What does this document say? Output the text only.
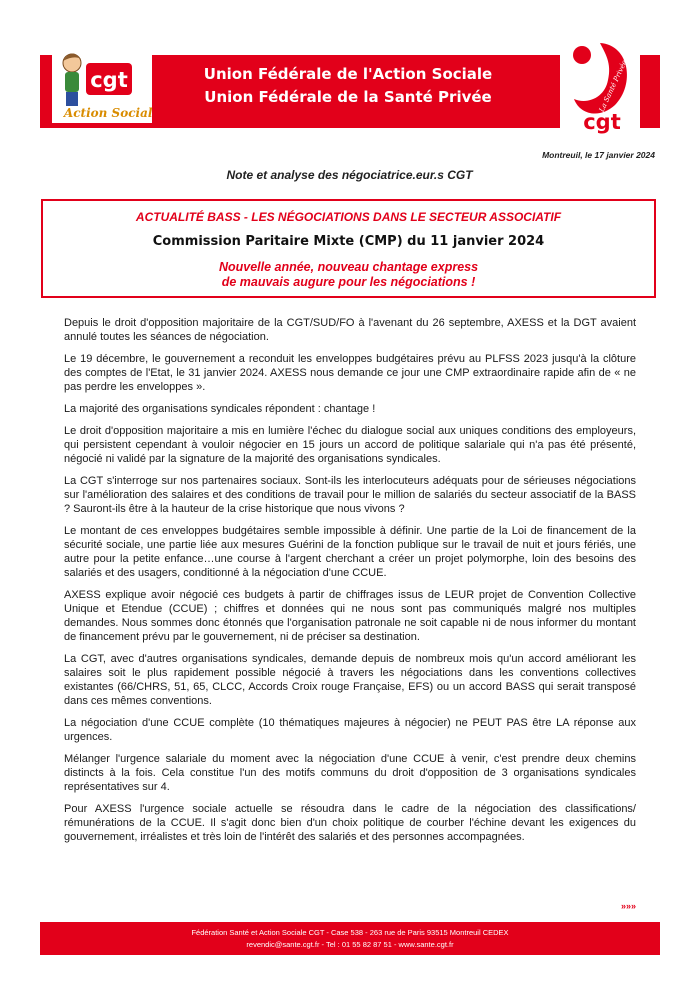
Union Fédérale de l'Action Sociale
Union Fédérale de la Santé Privée
cgt
Action Sociale	La Santé Privée
cgt
Montreuil, le 17 janvier 2024
Note et analyse des négociatrice.eur.s CGT
ACTUALITÉ BASS - LES NÉGOCIATIONS DANS LE SECTEUR ASSOCIATIF
Commission Paritaire Mixte (CMP) du 11 janvier 2024
Nouvelle année, nouveau chantage express
de mauvais augure pour les négociations !

Depuis le droit d'opposition majoritaire de la CGT/SUD/FO à l'avenant du 26 septembre, AXESS et la DGT avaient annulé toutes les séances de négociation.

Le 19 décembre, le gouvernement a reconduit les enveloppes budgétaires prévu au PLFSS 2023 jusqu'à la clôture des comptes de l'Etat, le 31 janvier 2024. AXESS nous demande ce jour une CMP extraordinaire rapide afin de « ne pas perdre les enveloppes ».

La majorité des organisations syndicales répondent : chantage !

Le droit d'opposition majoritaire a mis en lumière l'échec du dialogue social aux uniques conditions des employeurs, qui persistent cependant à vouloir négocier en 15 jours un accord de politique salariale qui n'a pas été présenté, négocié ni validé par la signature de la majorité des organisations syndicales.

La CGT s'interroge sur nos partenaires sociaux. Sont-ils les interlocuteurs adéquats pour de sérieuses négociations sur l'amélioration des salaires et des conditions de travail pour le million de salariés du secteur associatif de la BASS ? Sauront-ils être à la hauteur de la crise historique que nous vivons ?

Le montant de ces enveloppes budgétaires semble impossible à définir. Une partie de la Loi de financement de la sécurité sociale, une partie liée aux mesures Guérini de la fonction publique sur le travail de nuit et jours fériés, une autre pour la petite enfance…une course à l'argent cherchant a créer un projet polymorphe, loin des besoins des salariés et des usagers, conditionné à la négociation d'une CCUE.

AXESS explique avoir négocié ces budgets à partir de chiffrages issus de LEUR projet de Convention Collective Unique et Etendue (CCUE) ; chiffres et données qui ne nous sont pas communiqués malgré nos multiples demandes. Nous sommes donc étonnés que l'organisation patronale ne soit capable ni de nous informer du montant de financement prévu par le gouvernement, ni de préciser sa destination.

La CGT, avec d'autres organisations syndicales, demande depuis de nombreux mois qu'un accord améliorant les salaires soit le plus rapidement possible négocié à travers les négociations dans les conventions collectives existantes (66/CHRS, 51, 65, CLCC, Accords Croix rouge Française, EFS) ou un accord BASS qui serait transposé dans ces mêmes conventions.

La négociation d'une CCUE complète (10 thématiques majeures à négocier) ne PEUT PAS être LA réponse aux urgences.

Mélanger l'urgence salariale du moment avec la négociation d'une CCUE à venir, c'est prendre deux chemins distincts à la fois. Cela constitue l'un des motifs communs du droit d'opposition de 3 organisations syndicales représentatives sur 4.

Pour AXESS l'urgence sociale actuelle se résoudra dans le cadre de la négociation des classifications/ rémunérations de la CCUE. Il s'agit donc bien d'un choix politique de courber l'échine devant les exigences du gouvernement, irréalistes et très loin de l'intérêt des salariés et des personnes accompagnées.

»»»
Fédération Santé et Action Sociale CGT - Case 538 - 263 rue de Paris 93515 Montreuil CEDEX
revendic@sante.cgt.fr - Tel : 01 55 82 87 51 - www.sante.cgt.fr
